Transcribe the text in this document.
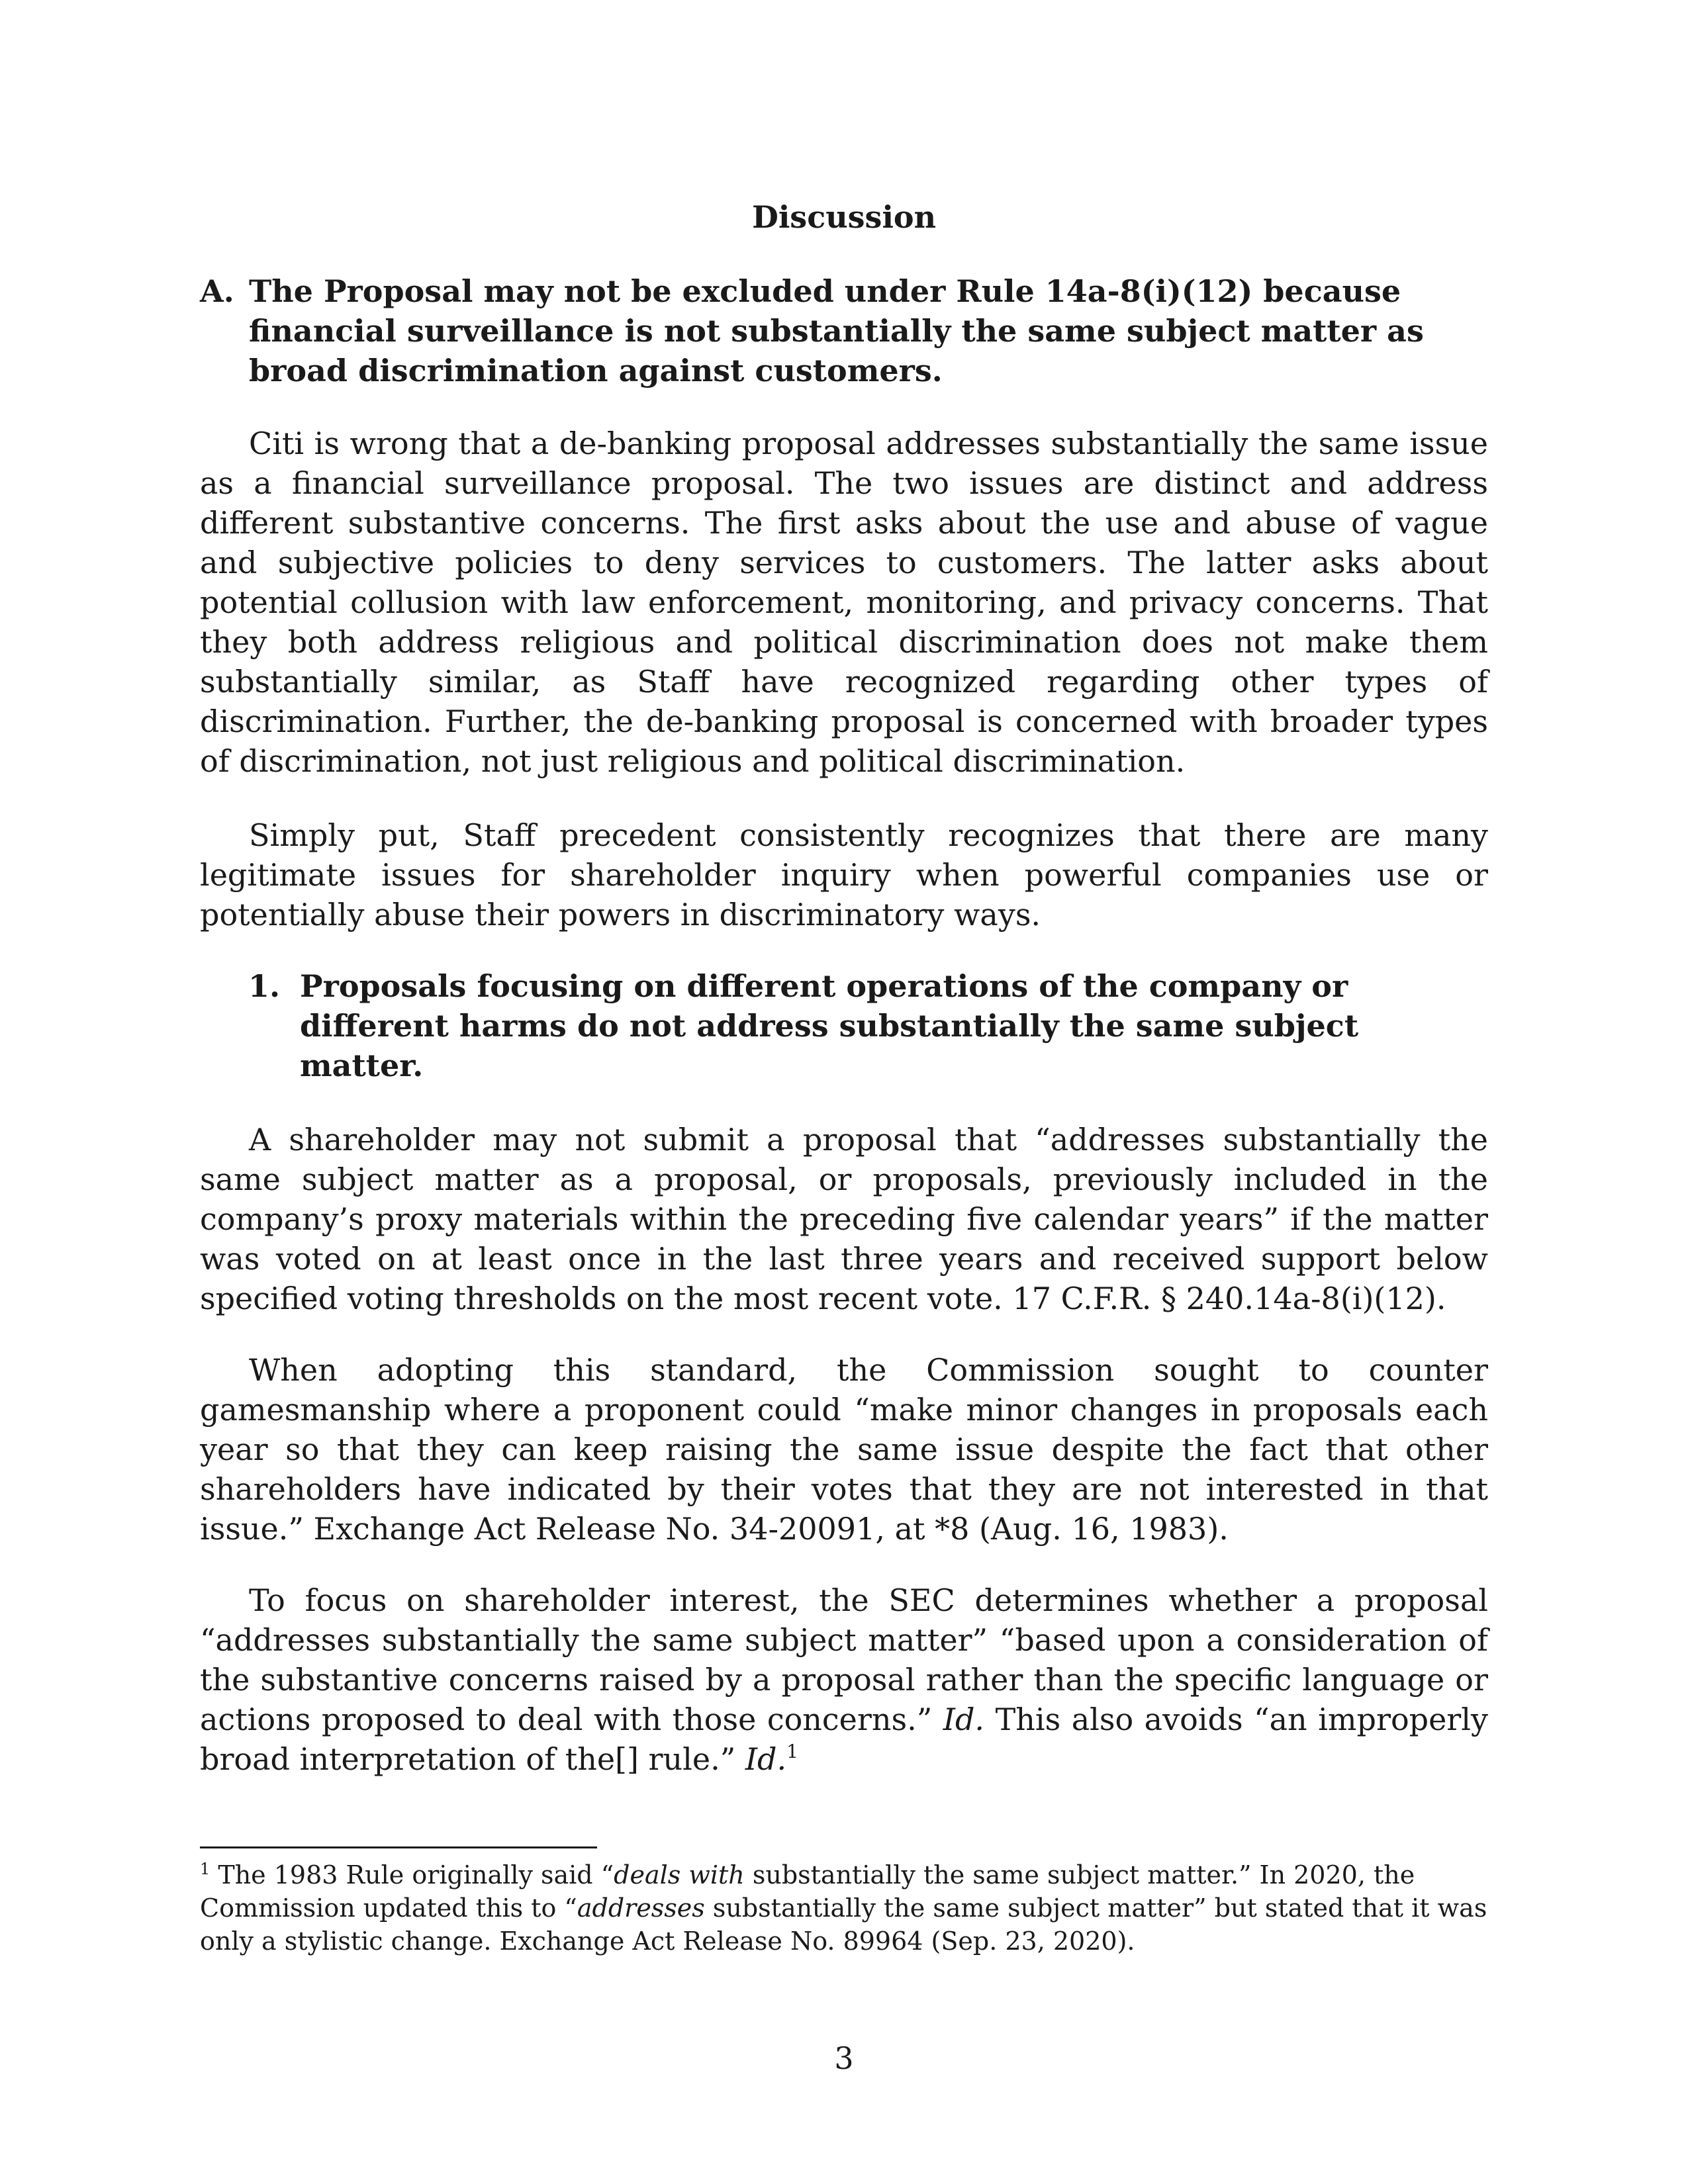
Discussion
A. The Proposal may not be excluded under Rule 14a-8(i)(12) because financial surveillance is not substantially the same subject matter as broad discrimination against customers.

Citi is wrong that a de-banking proposal addresses substantially the same issue as a financial surveillance proposal. The two issues are distinct and address different substantive concerns. The first asks about the use and abuse of vague and subjective policies to deny services to customers. The latter asks about potential collusion with law enforcement, monitoring, and privacy concerns. That they both address religious and political discrimination does not make them substantially similar, as Staff have recognized regarding other types of discrimination. Further, the de-banking proposal is concerned with broader types of discrimination, not just religious and political discrimination.

Simply put, Staff precedent consistently recognizes that there are many legitimate issues for shareholder inquiry when powerful companies use or potentially abuse their powers in discriminatory ways.

1. Proposals focusing on different operations of the company or different harms do not address substantially the same subject matter.

A shareholder may not submit a proposal that “addresses substantially the same subject matter as a proposal, or proposals, previously included in the company’s proxy materials within the preceding five calendar years” if the matter was voted on at least once in the last three years and received support below specified voting thresholds on the most recent vote. 17 C.F.R. § 240.14a-8(i)(12).

When adopting this standard, the Commission sought to counter gamesmanship where a proponent could “make minor changes in proposals each year so that they can keep raising the same issue despite the fact that other shareholders have indicated by their votes that they are not interested in that issue.” Exchange Act Release No. 34-20091, at *8 (Aug. 16, 1983).

To focus on shareholder interest, the SEC determines whether a proposal “addresses substantially the same subject matter” “based upon a consideration of the substantive concerns raised by a proposal rather than the specific language or actions proposed to deal with those concerns.” Id. This also avoids “an improperly broad interpretation of the[] rule.” Id.$^1$

$^1$ The 1983 Rule originally said “deals with substantially the same subject matter.” In 2020, the Commission updated this to “addresses substantially the same subject matter” but stated that it was only a stylistic change. Exchange Act Release No. 89964 (Sep. 23, 2020).

3
